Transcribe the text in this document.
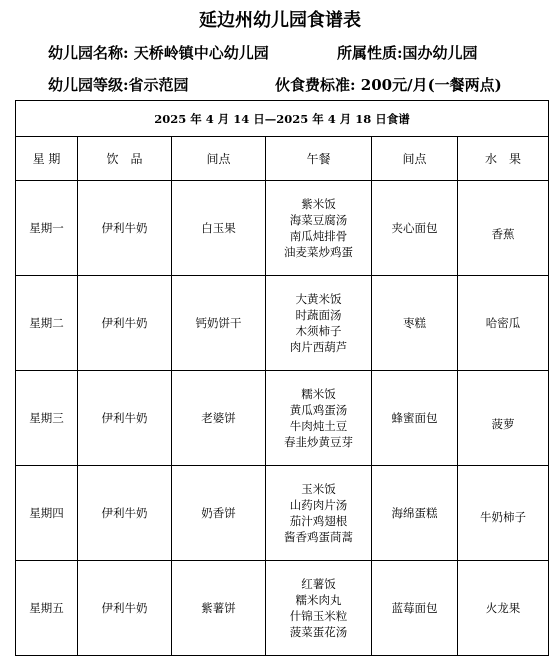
延边州幼儿园食谱表
幼儿园名称: 天桥岭镇中心幼儿园	所属性质:国办幼儿园
幼儿园等级:省示范园	伙食费标准: 200元/月(一餐两点)
2025 年 4 月 14 日—2025 年 4 月 18 日食谱					
星 期	饮　品	间点	午餐	间点	水　果
星期一	伊利牛奶	白玉果	紫米饭
海菜豆腐汤
南瓜炖排骨
油麦菜炒鸡蛋	夹心面包	香蕉
星期二	伊利牛奶	钙奶饼干	大黄米饭
时蔬面汤
木须柿子
肉片西葫芦	枣糕	哈密瓜
星期三	伊利牛奶	老婆饼	糯米饭
黄瓜鸡蛋汤
牛肉炖土豆
春韭炒黄豆芽	蜂蜜面包	菠萝
星期四	伊利牛奶	奶香饼	玉米饭
山药肉片汤
茄汁鸡翅根
酱香鸡蛋茼蒿	海绵蛋糕	牛奶柿子
星期五	伊利牛奶	紫薯饼	红薯饭
糯米肉丸
什锦玉米粒
菠菜蛋花汤	蓝莓面包	火龙果
